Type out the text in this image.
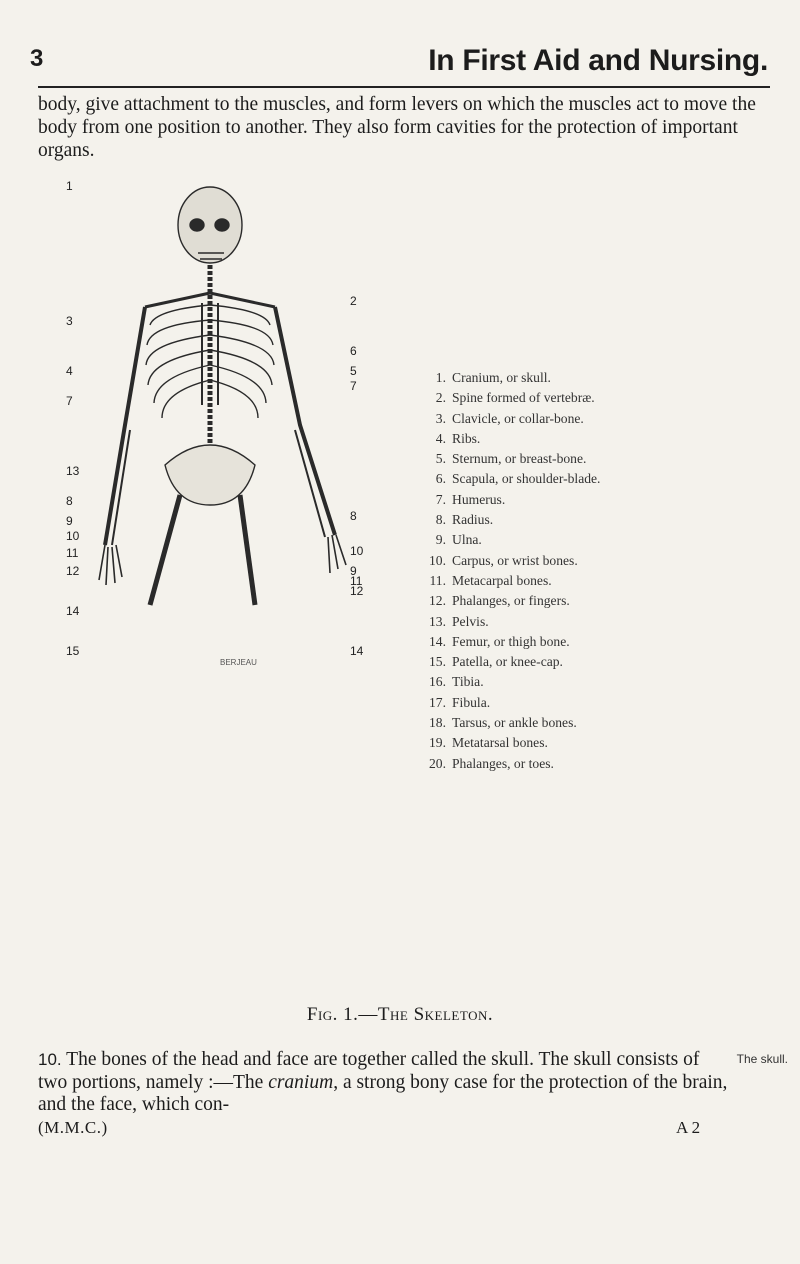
3	In First Aid and Nursing.

body, give attachment to the muscles, and form levers on which the muscles act to move the body from one position to another. They also form cavities for the protection of important organs.

BERJEAU
1
3
4
7
13
8
9
10
11
12
14
15
2
6
5
7
8
10
9
11
12
14
1. Cranium, or skull.
2. Spine formed of vertebræ.
3. Clavicle, or collar-bone.
4. Ribs.
5. Sternum, or breast-bone.
6. Scapula, or shoulder-blade.
7. Humerus.
8. Radius.
9. Ulna.
10. Carpus, or wrist bones.
11. Metacarpal bones.
12. Phalanges, or fingers.
13. Pelvis.
14. Femur, or thigh bone.
15. Patella, or knee-cap.
16. Tibia.
17. Fibula.
18. Tarsus, or ankle bones.
19. Metatarsal bones.
20. Phalanges, or toes.
Fig. 1.—The Skeleton.

10. The bones of the head and face are together called the skull. The skull consists of two portions, namely :—The cranium, a strong bony case for the protection of the brain, and the face, which con-

The skull.
(M.M.C.)	A 2
